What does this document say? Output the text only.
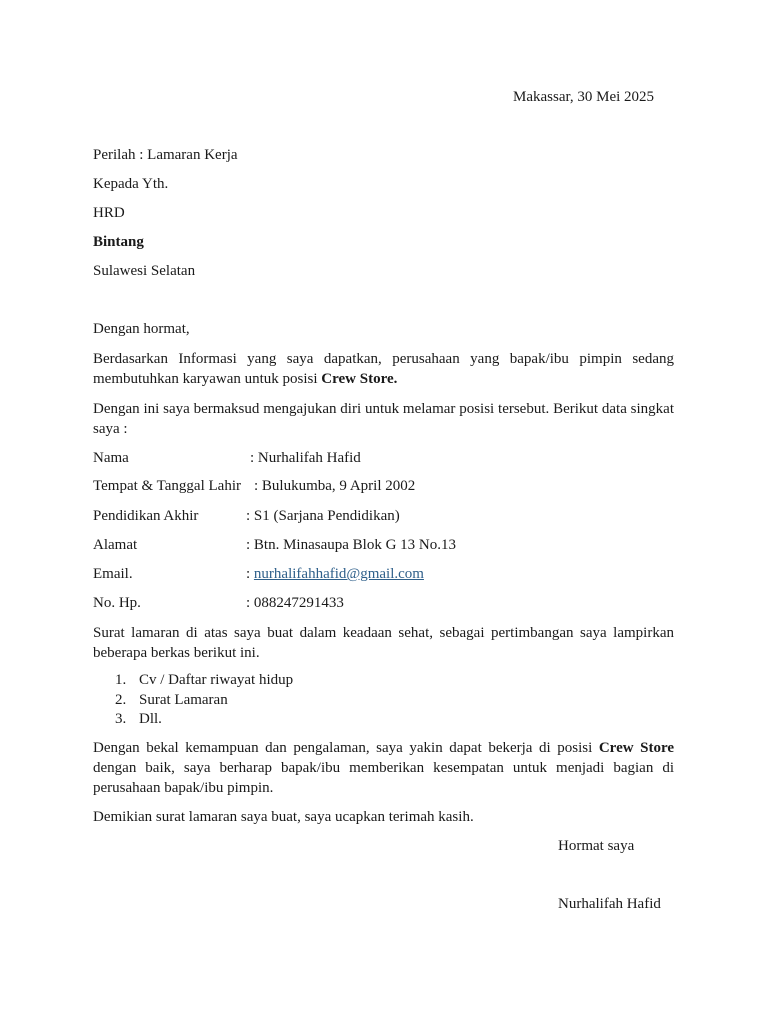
Makassar, 30 Mei 2025
Perilah : Lamaran Kerja
Kepada Yth.
HRD
Bintang
Sulawesi Selatan
Dengan hormat,
Berdasarkan Informasi yang saya dapatkan, perusahaan yang bapak/ibu pimpin sedang membutuhkan karyawan untuk posisi Crew Store.
Dengan ini saya bermaksud mengajukan diri untuk melamar posisi tersebut. Berikut data singkat saya :
Nama	: Nurhalifah Hafid
Tempat & Tanggal Lahir : Bulukumba, 9 April 2002
Pendidikan Akhir	: S1 (Sarjana Pendidikan)
Alamat	: Btn. Minasaupa Blok G 13 No.13
Email.	: nurhalifahhafid@gmail.com
No. Hp.	: 088247291433
Surat lamaran di atas saya buat dalam keadaan sehat, sebagai pertimbangan saya lampirkan beberapa berkas berikut ini.
1. Cv / Daftar riwayat hidup
2. Surat Lamaran
3. Dll.
Dengan bekal kemampuan dan pengalaman, saya yakin dapat bekerja di posisi Crew Store dengan baik, saya berharap bapak/ibu memberikan kesempatan untuk menjadi bagian di perusahaan bapak/ibu pimpin.
Demikian surat lamaran saya buat, saya ucapkan terimah kasih.
Hormat saya
Nurhalifah Hafid
